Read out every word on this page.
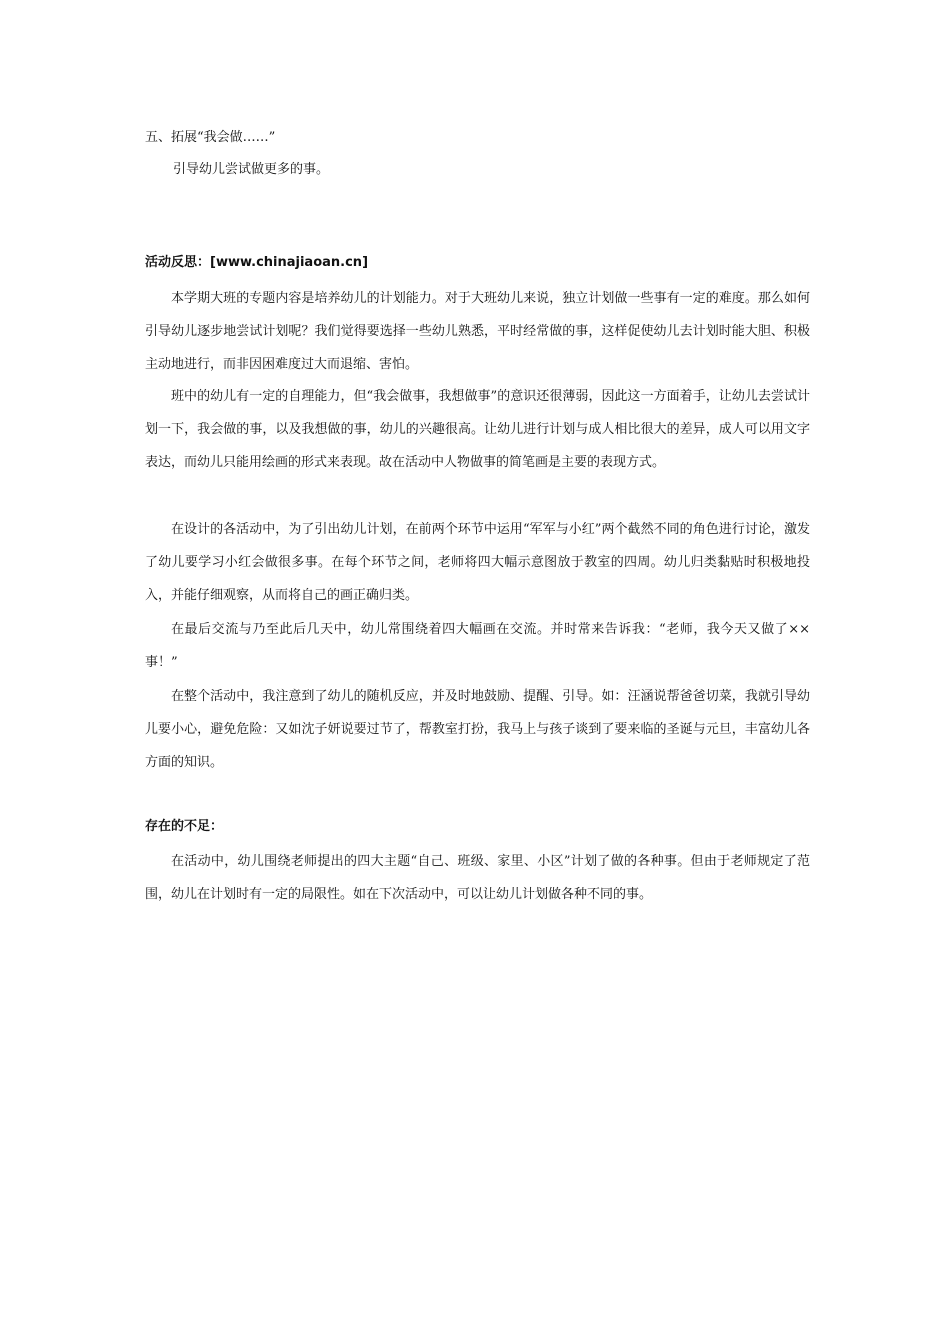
五、拓展“我会做……”
引导幼儿尝试做更多的事。
活动反思：[www.chinajiaoan.cn]

本学期大班的专题内容是培养幼儿的计划能力。对于大班幼儿来说，独立计划做一些事有一定的难度。那么如何引导幼儿逐步地尝试计划呢？我们觉得要选择一些幼儿熟悉，平时经常做的事，这样促使幼儿去计划时能大胆、积极主动地进行，而非因困难度过大而退缩、害怕。

班中的幼儿有一定的自理能力，但“我会做事，我想做事”的意识还很薄弱，因此这一方面着手，让幼儿去尝试计划一下，我会做的事，以及我想做的事，幼儿的兴趣很高。让幼儿进行计划与成人相比很大的差异，成人可以用文字表达，而幼儿只能用绘画的形式来表现。故在活动中人物做事的简笔画是主要的表现方式。

在设计的各活动中，为了引出幼儿计划，在前两个环节中运用“军军与小红”两个截然不同的角色进行讨论，激发了幼儿要学习小红会做很多事。在每个环节之间，老师将四大幅示意图放于教室的四周。幼儿归类黏贴时积极地投入，并能仔细观察，从而将自己的画正确归类。

在最后交流与乃至此后几天中，幼儿常围绕着四大幅画在交流。并时常来告诉我：“老师，我今天又做了××事！”

在整个活动中，我注意到了幼儿的随机反应，并及时地鼓励、提醒、引导。如：汪涵说帮爸爸切菜，我就引导幼儿要小心，避免危险：又如沈子妍说要过节了，帮教室打扮，我马上与孩子谈到了要来临的圣诞与元旦，丰富幼儿各方面的知识。

存在的不足：

在活动中，幼儿围绕老师提出的四大主题“自己、班级、家里、小区”计划了做的各种事。但由于老师规定了范围，幼儿在计划时有一定的局限性。如在下次活动中，可以让幼儿计划做各种不同的事。
